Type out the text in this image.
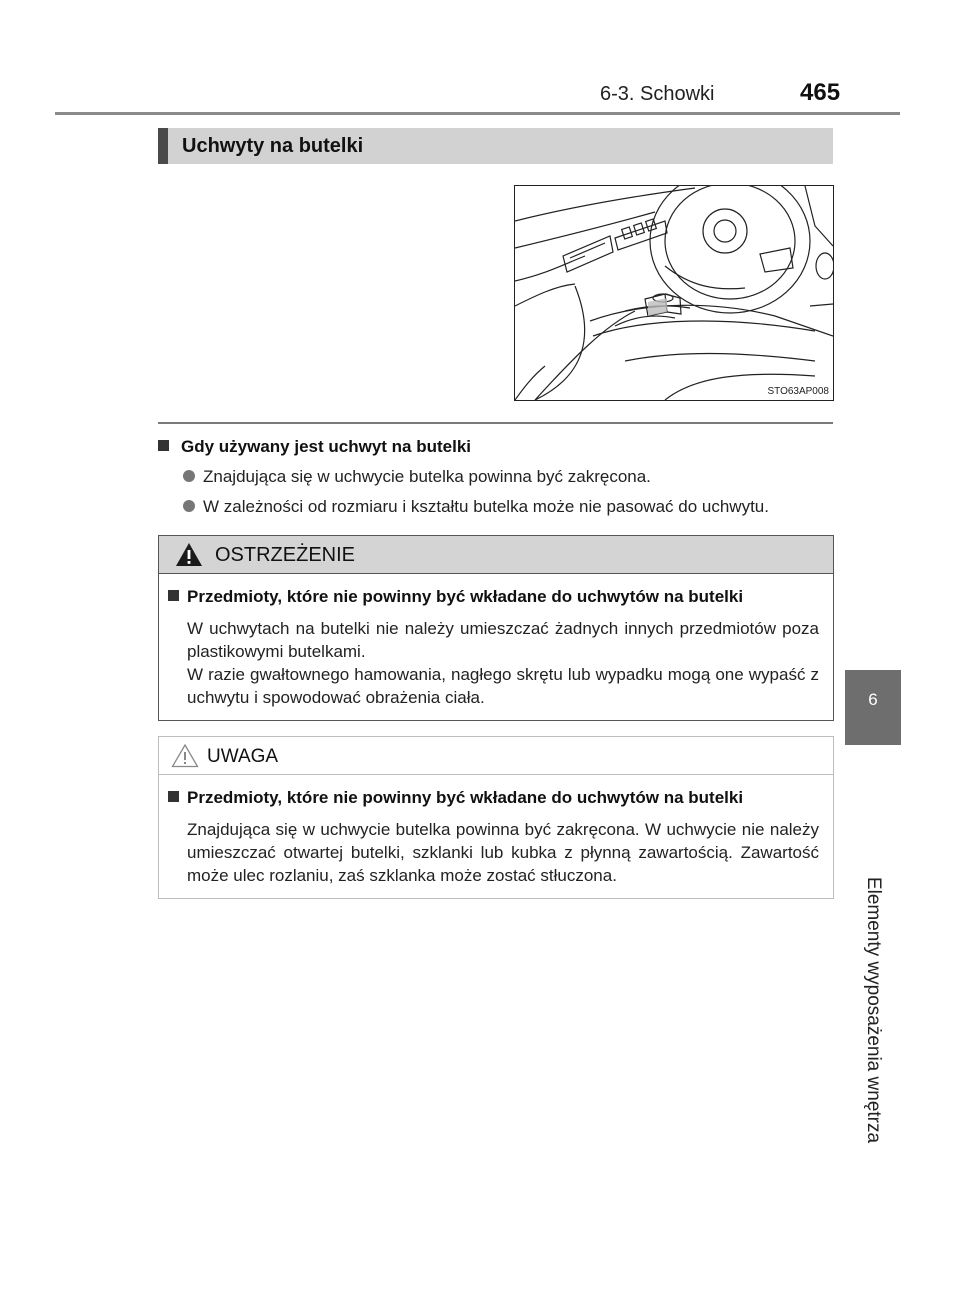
6-3. Schowki	465
6
Elementy wyposażenia wnętrza
Uchwyty na butelki
STO63AP008
Gdy używany jest uchwyt na butelki
Znajdująca się w uchwycie butelka powinna być zakręcona.
W zależności od rozmiaru i kształtu butelka może nie pasować do uchwytu.
OSTRZEŻENIE
Przedmioty, które nie powinny być wkładane do uchwytów na butelki

W uchwytach na butelki nie należy umieszczać żadnych innych przedmiotów poza plastikowymi butelkami.

W razie gwałtownego hamowania, nagłego skrętu lub wypadku mogą one wypaść z uchwytu i spowodować obrażenia ciała.

UWAGA
Przedmioty, które nie powinny być wkładane do uchwytów na butelki

Znajdująca się w uchwycie butelka powinna być zakręcona. W uchwycie nie należy umieszczać otwartej butelki, szklanki lub kubka z płynną zawartością. Zawartość może ulec rozlaniu, zaś szklanka może zostać stłuczona.
